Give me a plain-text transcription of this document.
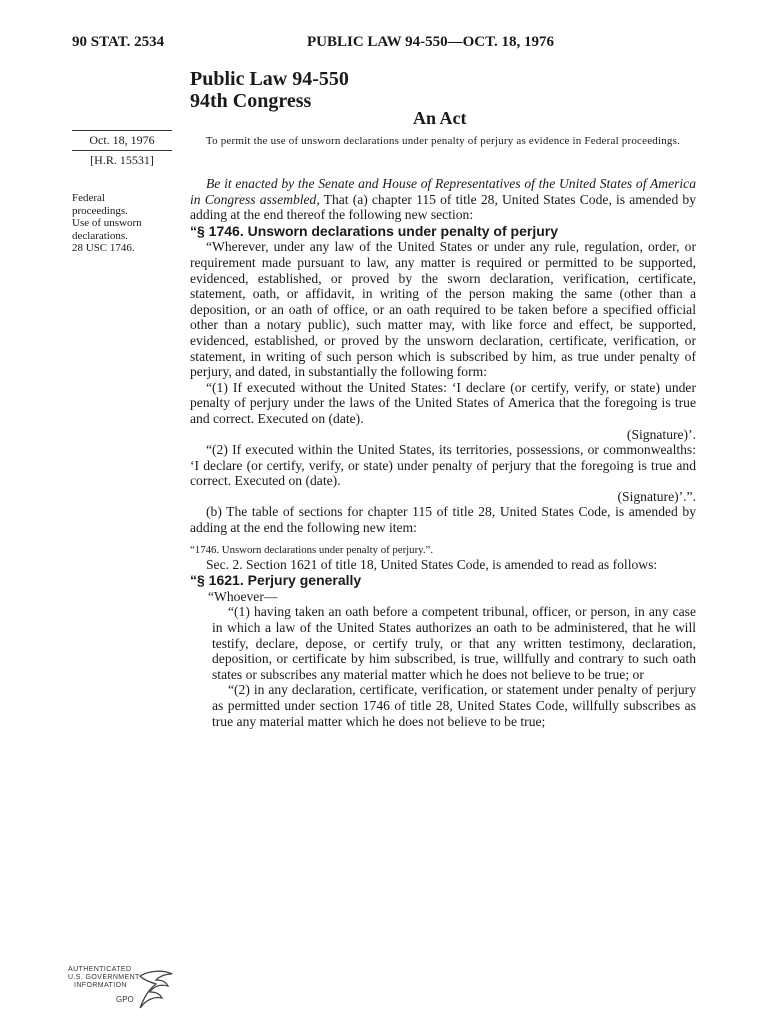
90 STAT. 2534	PUBLIC LAW 94-550—OCT. 18, 1976
Public Law 94-550
94th Congress
An Act
Oct. 18, 1976
[H.R. 15531]
To permit the use of unsworn declarations under penalty of perjury as evidence in Federal proceedings.
Federal
proceedings.
Use of unsworn
declarations.
28 USC 1746.

Be it enacted by the Senate and House of Representatives of the United States of America in Congress assembled, That (a) chapter 115 of title 28, United States Code, is amended by adding at the end thereof the following new section:

“§ 1746. Unsworn declarations under penalty of perjury

“Wherever, under any law of the United States or under any rule, regulation, order, or requirement made pursuant to law, any matter is required or permitted to be supported, evidenced, established, or proved by the sworn declaration, verification, certificate, statement, oath, or affidavit, in writing of the person making the same (other than a deposition, or an oath of office, or an oath required to be taken before a specified official other than a notary public), such matter may, with like force and effect, be supported, evidenced, established, or proved by the unsworn declaration, certificate, verification, or statement, in writing of such person which is subscribed by him, as true under penalty of perjury, and dated, in substantially the following form:

“(1) If executed without the United States: ‘I declare (or certify, verify, or state) under penalty of perjury under the laws of the United States of America that the foregoing is true and correct. Executed on (date).

(Signature)’.

“(2) If executed within the United States, its territories, possessions, or commonwealths: ‘I declare (or certify, verify, or state) under penalty of perjury that the foregoing is true and correct. Executed on (date).

(Signature)’.”.

(b) The table of sections for chapter 115 of title 28, United States Code, is amended by adding at the end the following new item:

“1746. Unsworn declarations under penalty of perjury.”.

Sec. 2. Section 1621 of title 18, United States Code, is amended to read as follows:

“§ 1621. Perjury generally

“Whoever—

“(1) having taken an oath before a competent tribunal, officer, or person, in any case in which a law of the United States authorizes an oath to be administered, that he will testify, declare, depose, or certify truly, or that any written testimony, declaration, deposition, or certificate by him subscribed, is true, willfully and contrary to such oath states or subscribes any material matter which he does not believe to be true; or

“(2) in any declaration, certificate, verification, or statement under penalty of perjury as permitted under section 1746 of title 28, United States Code, willfully subscribes as true any material matter which he does not believe to be true;

AUTHENTICATED
U.S. GOVERNMENT
INFORMATION
GPO
